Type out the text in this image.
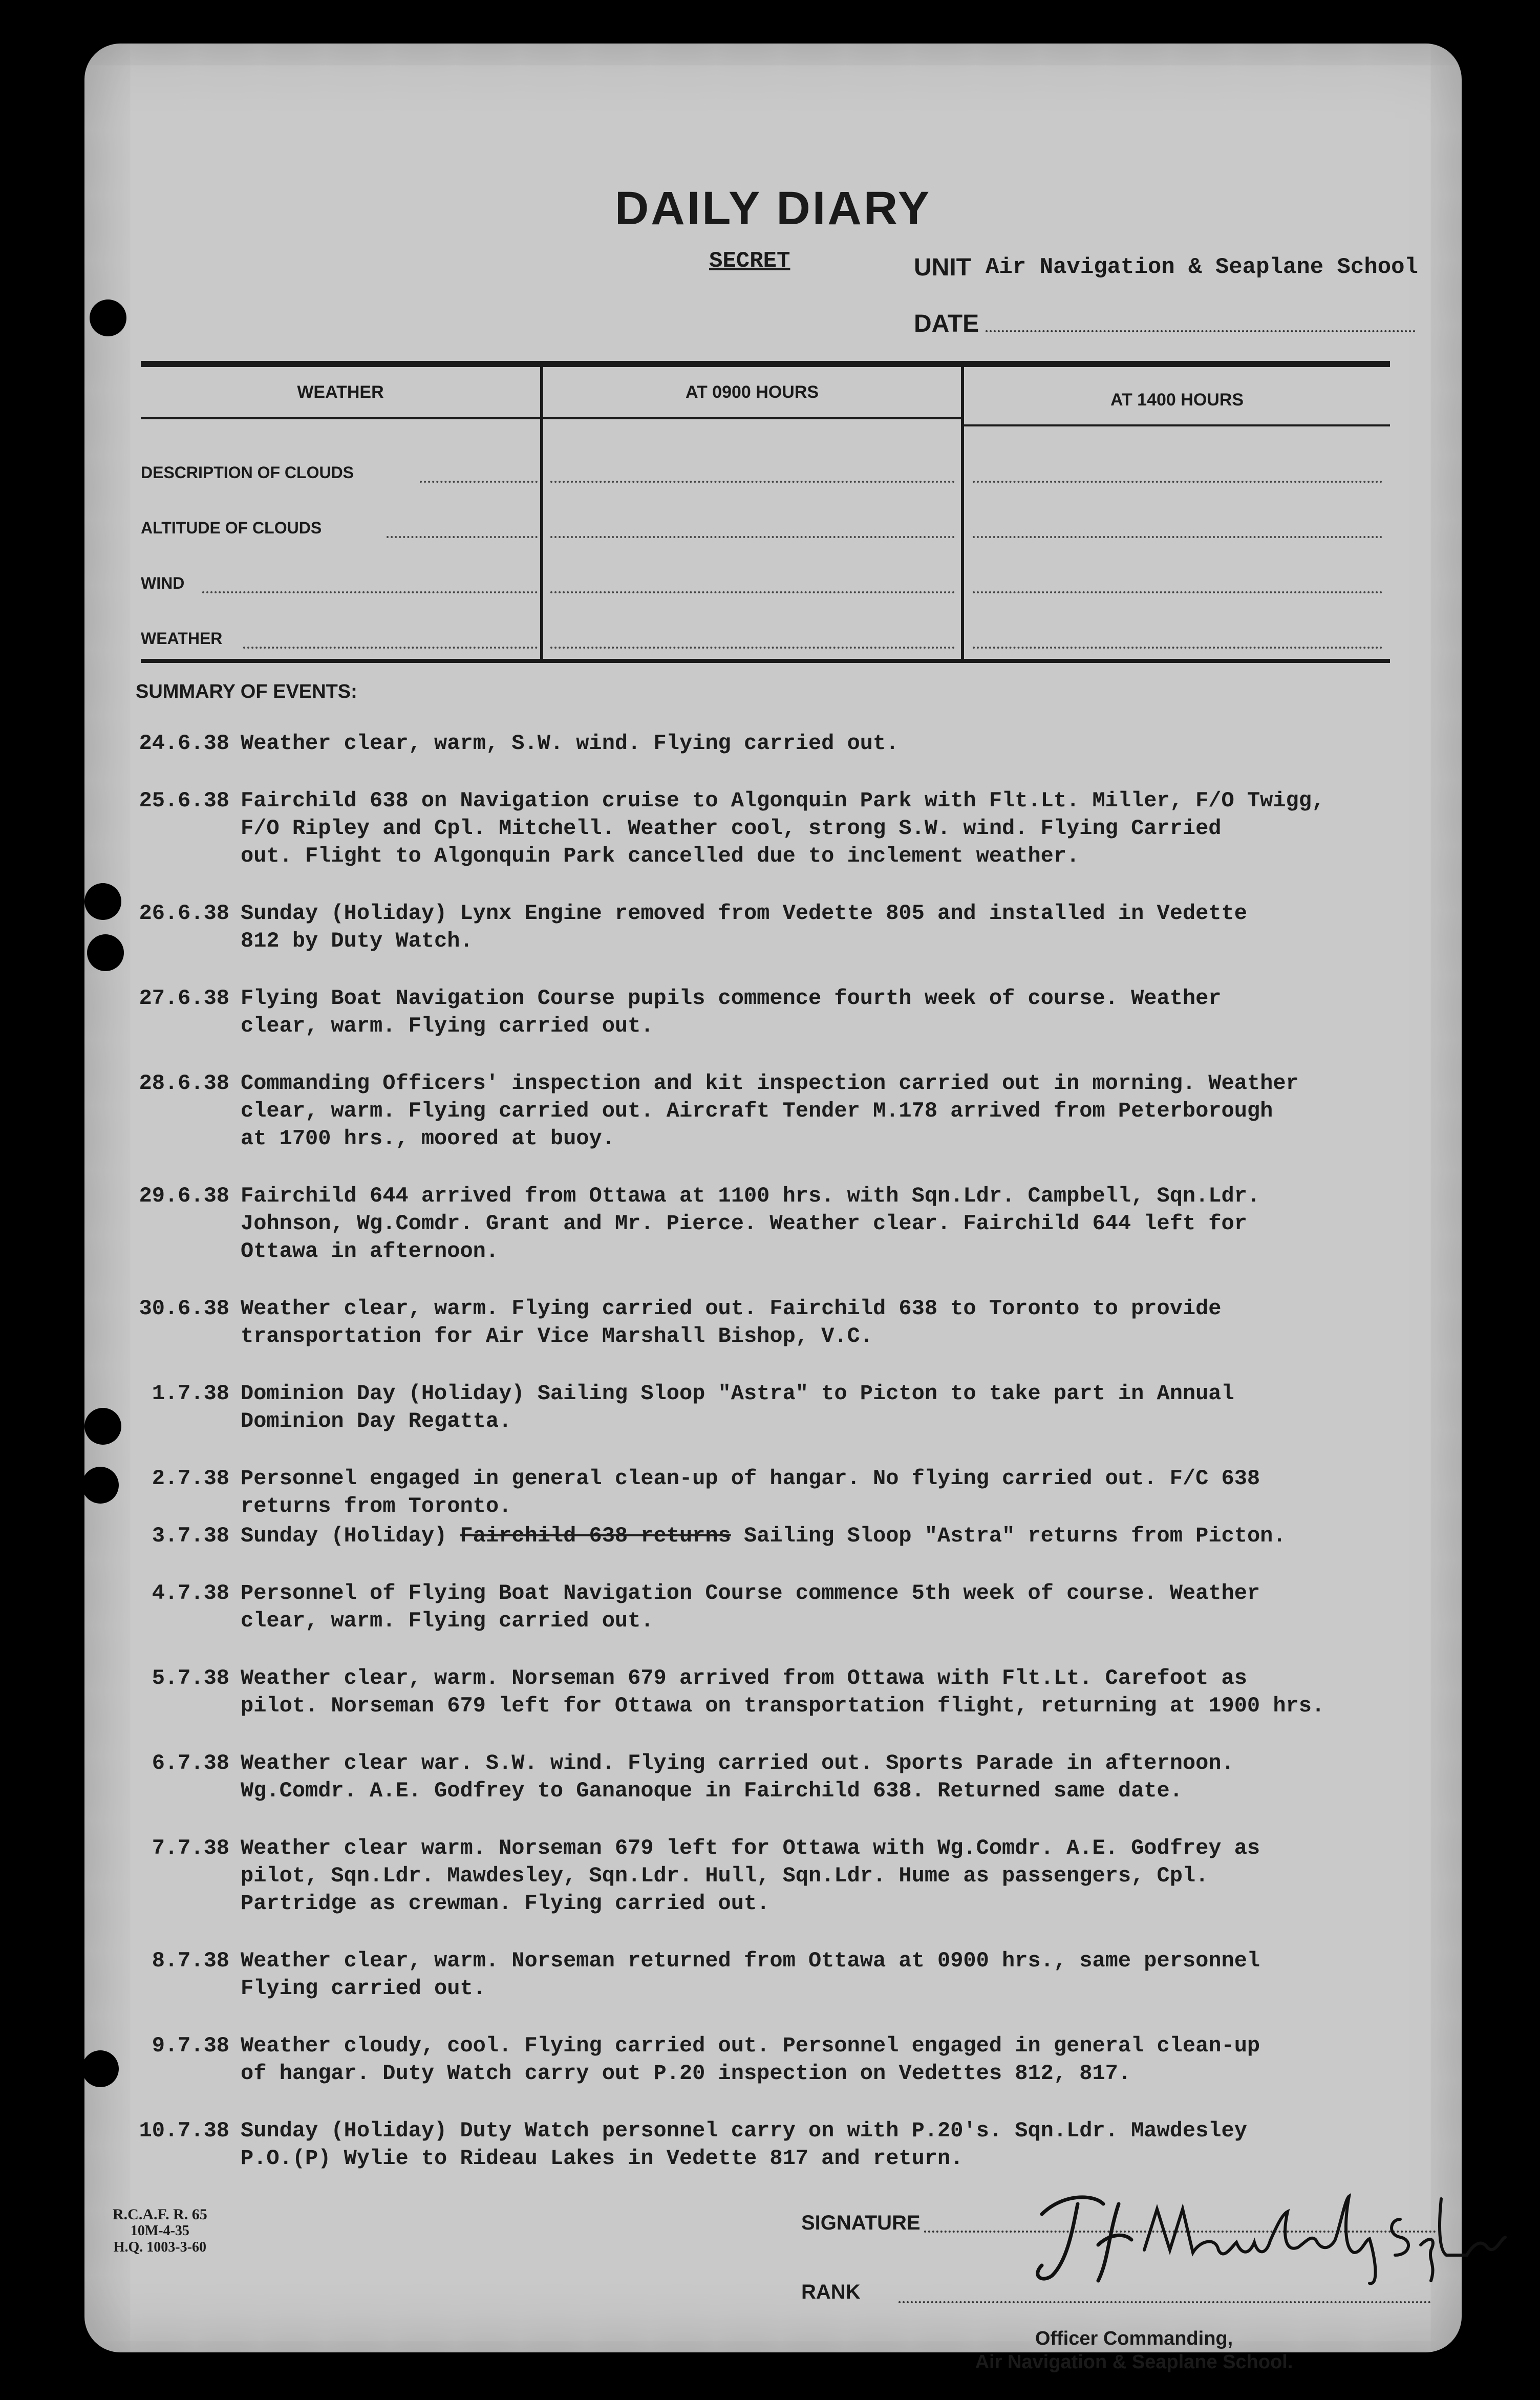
DAILY DIARY
SECRET	UNIT Air Navigation & Seaplane School
DATE
WEATHER	AT 0900 HOURS	AT 1400 HOURS
DESCRIPTION OF CLOUDS
ALTITUDE OF CLOUDS
WIND
WEATHER
SUMMARY OF EVENTS:
24.6.38 Weather clear, warm, S.W. wind. Flying carried out.
25.6.38 Fairchild 638 on Navigation cruise to Algonquin Park with Flt.Lt. Miller, F/O Twigg,
F/O Ripley and Cpl. Mitchell. Weather cool, strong S.W. wind. Flying Carried
out. Flight to Algonquin Park cancelled due to inclement weather.
26.6.38 Sunday (Holiday) Lynx Engine removed from Vedette 805 and installed in Vedette
812 by Duty Watch.
27.6.38 Flying Boat Navigation Course pupils commence fourth week of course. Weather
clear, warm. Flying carried out.
28.6.38 Commanding Officers' inspection and kit inspection carried out in morning. Weather
clear, warm. Flying carried out. Aircraft Tender M.178 arrived from Peterborough
at 1700 hrs., moored at buoy.
29.6.38 Fairchild 644 arrived from Ottawa at 1100 hrs. with Sqn.Ldr. Campbell, Sqn.Ldr.
Johnson, Wg.Comdr. Grant and Mr. Pierce. Weather clear. Fairchild 644 left for
Ottawa in afternoon.
30.6.38 Weather clear, warm. Flying carried out. Fairchild 638 to Toronto to provide
transportation for Air Vice Marshall Bishop, V.C.
1.7.38 Dominion Day (Holiday) Sailing Sloop "Astra" to Picton to take part in Annual
Dominion Day Regatta.
2.7.38 Personnel engaged in general clean-up of hangar. No flying carried out. F/C 638
returns from Toronto.
3.7.38 Sunday (Holiday) Fairchild 638 returns Sailing Sloop "Astra" returns from Picton.
4.7.38 Personnel of Flying Boat Navigation Course commence 5th week of course. Weather
clear, warm. Flying carried out.
5.7.38 Weather clear, warm. Norseman 679 arrived from Ottawa with Flt.Lt. Carefoot as
pilot. Norseman 679 left for Ottawa on transportation flight, returning at 1900 hrs.
6.7.38 Weather clear war. S.W. wind. Flying carried out. Sports Parade in afternoon.
Wg.Comdr. A.E. Godfrey to Gananoque in Fairchild 638. Returned same date.
7.7.38 Weather clear warm. Norseman 679 left for Ottawa with Wg.Comdr. A.E. Godfrey as
pilot, Sqn.Ldr. Mawdesley, Sqn.Ldr. Hull, Sqn.Ldr. Hume as passengers, Cpl.
Partridge as crewman. Flying carried out.
8.7.38 Weather clear, warm. Norseman returned from Ottawa at 0900 hrs., same personnel
Flying carried out.
9.7.38 Weather cloudy, cool. Flying carried out. Personnel engaged in general clean-up
of hangar. Duty Watch carry out P.20 inspection on Vedettes 812, 817.
10.7.38 Sunday (Holiday) Duty Watch personnel carry on with P.20's. Sqn.Ldr. Mawdesley
P.O.(P) Wylie to Rideau Lakes in Vedette 817 and return.
R.C.A.F. R. 65
10M-4-35
H.Q. 1003-3-60
SIGNATURE
RANK
Officer Commanding,
Air Navigation & Seaplane School.
